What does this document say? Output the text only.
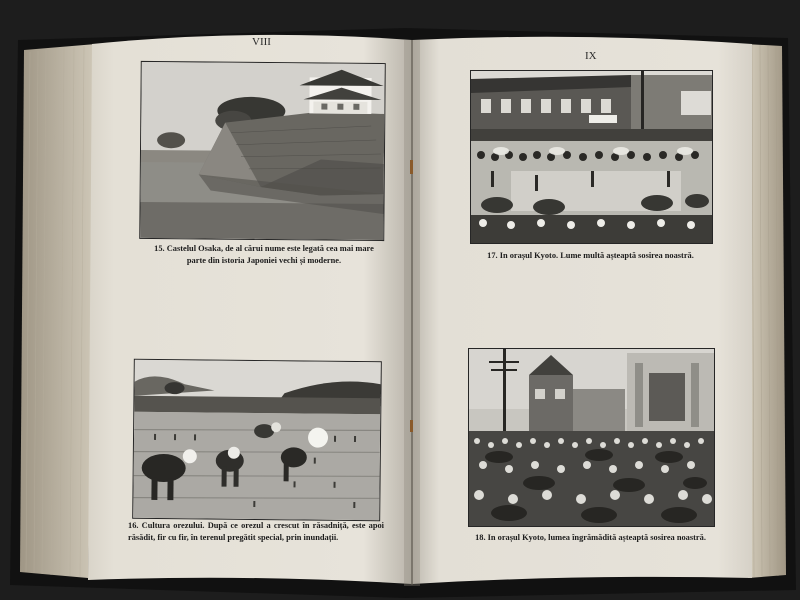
VIII
IX
15. Castelul Osaka, de al cărui nume este legată cea mai mare parte din istoria Japoniei vechi și moderne.
16. Cultura orezului. După ce orezul a crescut în răsadniță, este apoi răsădit, fir cu fir, în terenul pregătit special, prin inundații.
17. In orașul Kyoto. Lume multă așteaptă sosirea noastră.
18. In orașul Kyoto, lumea îngrămădită așteaptă sosirea noastră.
